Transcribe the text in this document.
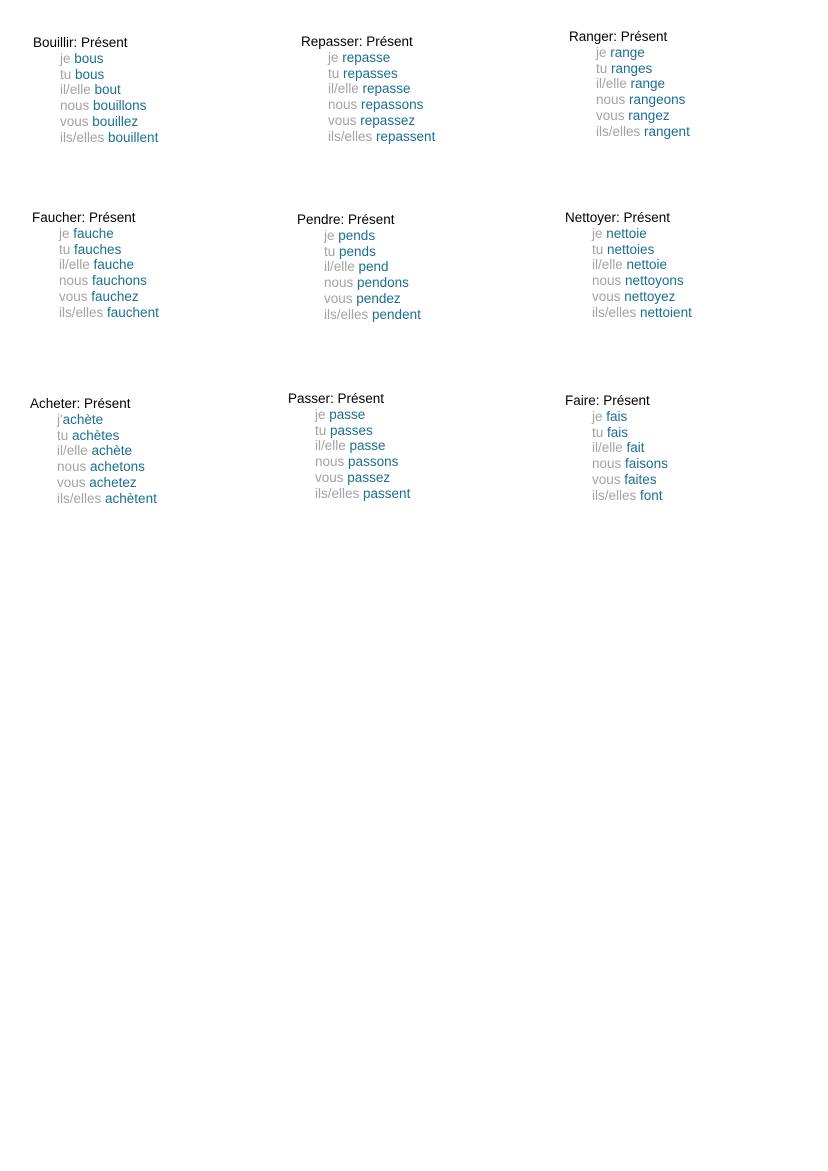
Bouillir: Présent

je bous
tu bous
il/elle bout
nous bouillons
vous bouillez
ils/elles bouillent

Repasser: Présent

je repasse
tu repasses
il/elle repasse
nous repassons
vous repassez
ils/elles repassent

Ranger: Présent

je range
tu ranges
il/elle range
nous rangeons
vous rangez
ils/elles rangent

Faucher: Présent

je fauche
tu fauches
il/elle fauche
nous fauchons
vous fauchez
ils/elles fauchent

Pendre: Présent

je pends
tu pends
il/elle pend
nous pendons
vous pendez
ils/elles pendent

Nettoyer: Présent

je nettoie
tu nettoies
il/elle nettoie
nous nettoyons
vous nettoyez
ils/elles nettoient

Acheter: Présent

j'achète
tu achètes
il/elle achète
nous achetons
vous achetez
ils/elles achètent

Passer: Présent

je passe
tu passes
il/elle passe
nous passons
vous passez
ils/elles passent

Faire: Présent

je fais
tu fais
il/elle fait
nous faisons
vous faites
ils/elles font
